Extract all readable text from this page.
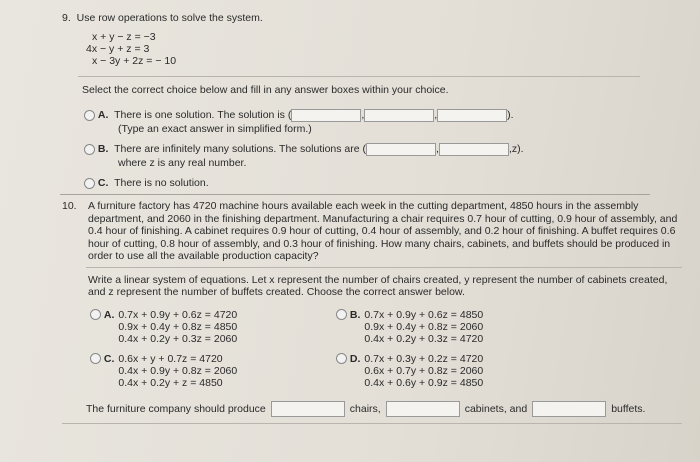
9. Use row operations to solve the system.
x + y − z = −3
4x − y + z = 3
x − 3y + 2z = − 10
Select the correct choice below and fill in any answer boxes within your choice.
A. There is one solution. The solution is (	,	,	).
(Type an exact answer in simplified form.)
B. There are infinitely many solutions. The solutions are (	,	,z).
where z is any real number.
C. There is no solution.
10. A furniture factory has 4720 machine hours available each week in the cutting department, 4850 hours in the assembly department, and 2060 in the finishing department. Manufacturing a chair requires 0.7 hour of cutting, 0.9 hour of assembly, and 0.4 hour of finishing. A cabinet requires 0.9 hour of cutting, 0.4 hour of assembly, and 0.2 hour of finishing. A buffet requires 0.6 hour of cutting, 0.8 hour of assembly, and 0.3 hour of finishing. How many chairs, cabinets, and buffets should be produced in order to use all the available production capacity?
Write a linear system of equations. Let x represent the number of chairs created, y represent the number of cabinets created, and z represent the number of buffets created. Choose the correct answer below.
A. 0.7x + 0.9y + 0.6z = 4720
0.9x + 0.4y + 0.8z = 4850
0.4x + 0.2y + 0.3z = 2060
B. 0.7x + 0.9y + 0.6z = 4850
0.9x + 0.4y + 0.8z = 2060
0.4x + 0.2y + 0.3z = 4720
C. 0.6x + y + 0.7z = 4720
0.4x + 0.9y + 0.8z = 2060
0.4x + 0.2y + z = 4850
D. 0.7x + 0.3y + 0.2z = 4720
0.6x + 0.7y + 0.8z = 2060
0.4x + 0.6y + 0.9z = 4850
The furniture company should produce	chairs,	cabinets, and	buffets.
